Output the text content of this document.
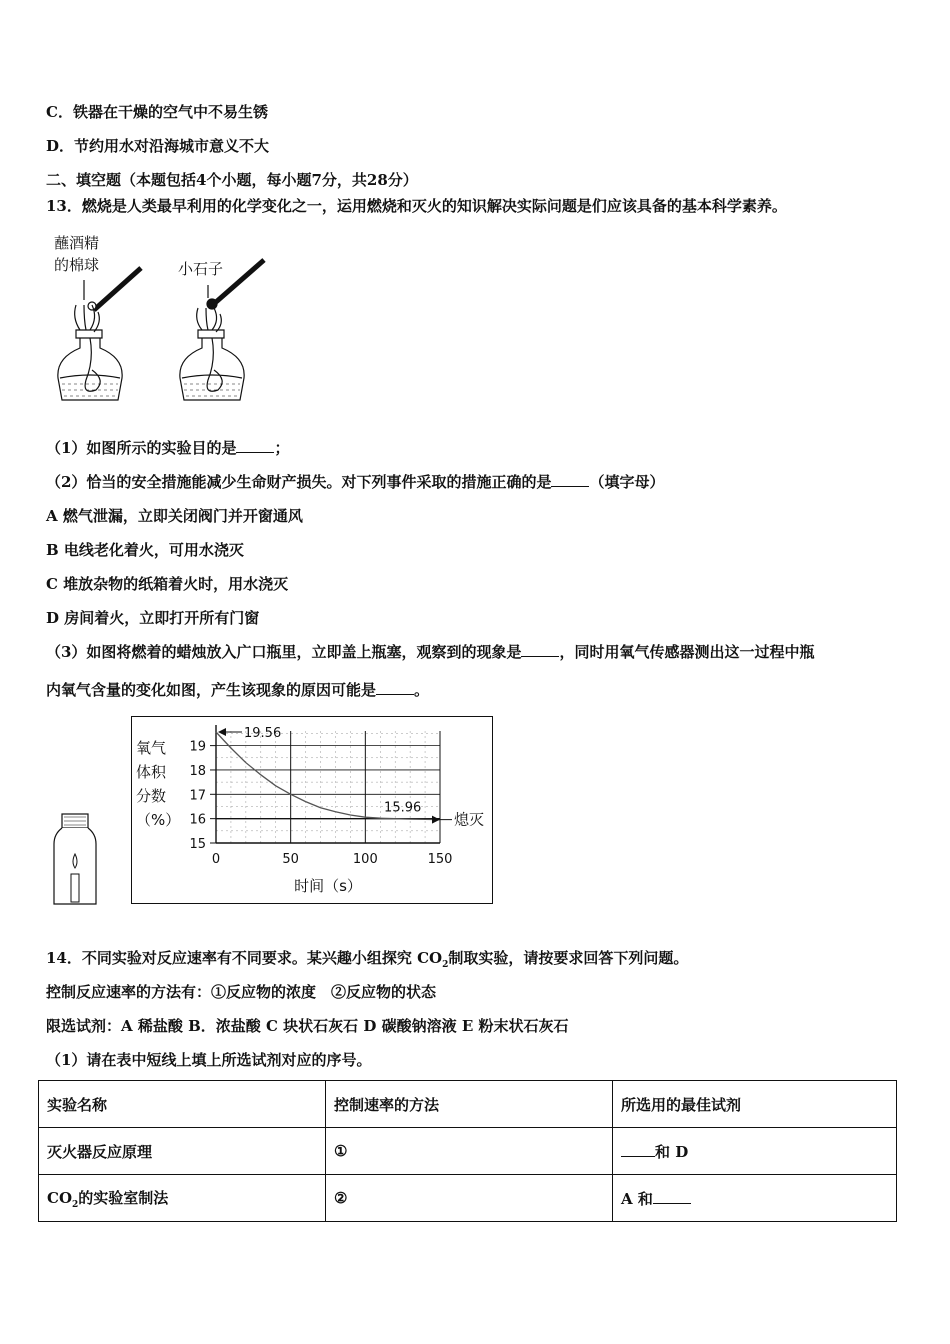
C．铁器在干燥的空气中不易生锈
D．节约用水对沿海城市意义不大
二、填空题（本题包括4个小题，每小题7分，共28分）
13．燃烧是人类最早利用的化学变化之一，运用燃烧和灭火的知识解决实际问题是们应该具备的基本科学素养。
蘸酒精
的棉球	小石子
（1）如图所示的实验目的是	；
（2）恰当的安全措施能减少生命财产损失。对下列事件采取的措施正确的是	（填字母）
A 燃气泄漏，立即关闭阀门并开窗通风
B 电线老化着火，可用水浇灭
C 堆放杂物的纸箱着火时，用水浇灭
D 房间着火，立即打开所有门窗
（3）如图将燃着的蜡烛放入广口瓶里，立即盖上瓶塞，观察到的现象是	，同时用氧气传感器测出这一过程中瓶
内氧气含量的变化如图，产生该现象的原因可能是	。
0	50	100	150
15
16
17
18
19
氧气
体积
分数
（%）
时间（s）
19.56
15.96
熄灭
14．不同实验对反应速率有不同要求。某兴趣小组探究 $CO_2$制取实验，请按要求回答下列问题。
控制反应速率的方法有：①反应物的浓度　②反应物的状态
限选试剂：A 稀盐酸 B．浓盐酸 C 块状石灰石 D 碳酸钠溶液 E 粉末状石灰石
（1）请在表中短线上填上所选试剂对应的序号。
实验名称	控制速率的方法	所选用的最佳试剂
灭火器反应原理	①	和 D
$CO_2$的实验室制法	②	A 和
